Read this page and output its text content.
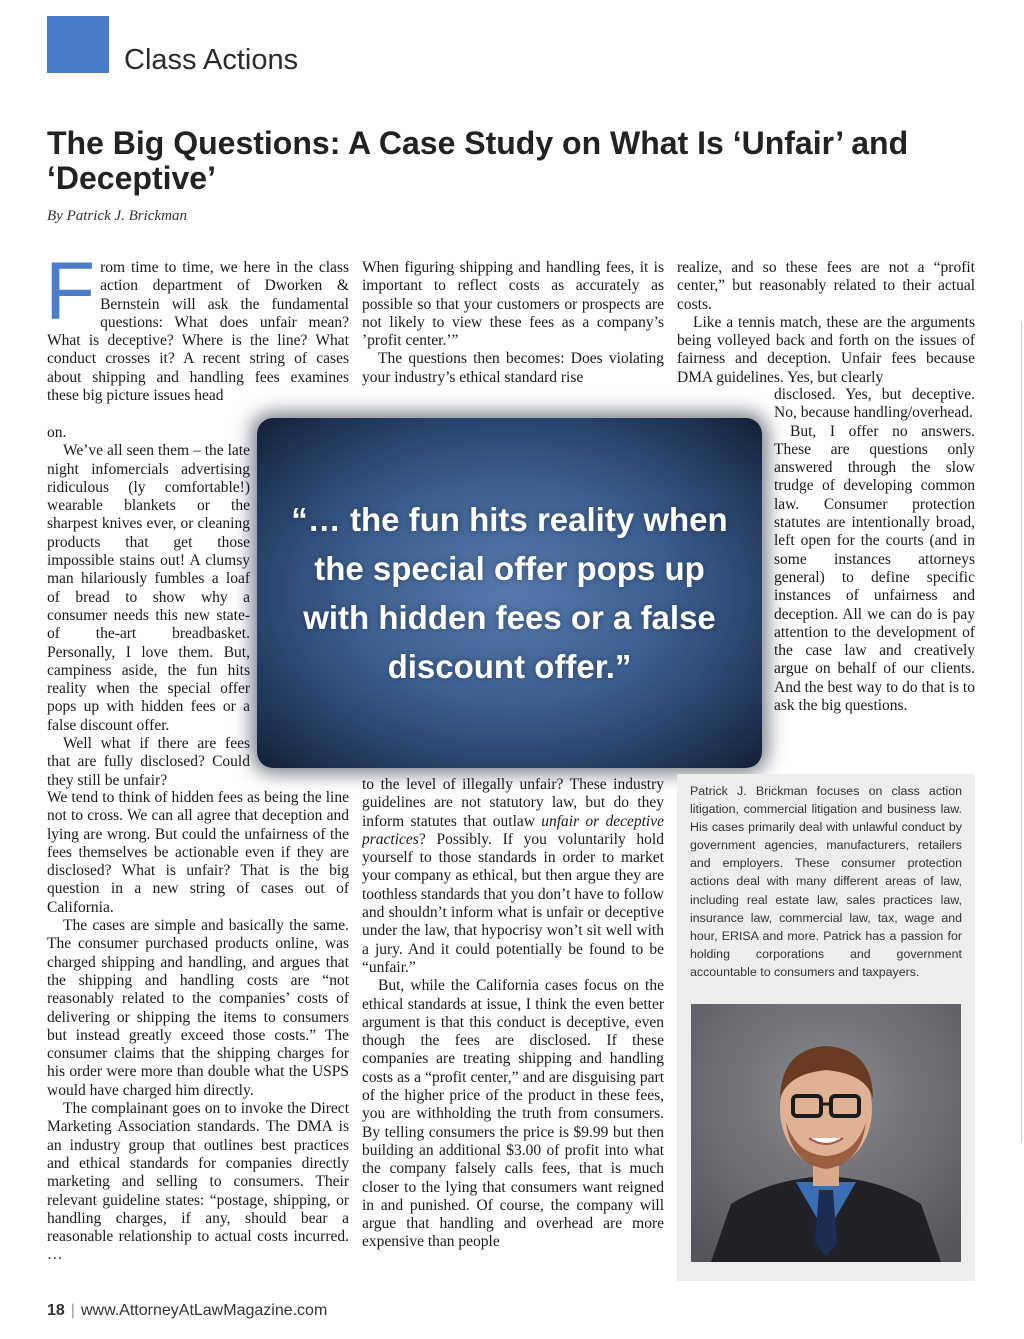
Class Actions
The Big Questions: A Case Study on What Is ‘Unfair’ and ‘Deceptive’
By Patrick J. Brickman
F rom time to time, we here in the class action department of Dworken & Bernstein will ask the fundamental questions: What does unfair mean? What is deceptive? Where is the line? What conduct crosses it? A recent string of cases about shipping and handling fees examines these big picture issues head

on.

We’ve all seen them – the late night infomercials advertising ridiculous (ly comfortable!) wearable blankets or the sharpest knives ever, or cleaning products that get those impossible stains out! A clumsy man hilariously fumbles a loaf of bread to show why a consumer needs this new state-of the-art breadbasket. Personally, I love them. But, campiness aside, the fun hits reality when the special offer pops up with hidden fees or a false discount offer.

Well what if there are fees that are fully disclosed? Could they still be unfair?

We tend to think of hidden fees as being the line not to cross. We can all agree that deception and lying are wrong. But could the unfairness of the fees themselves be actionable even if they are disclosed? What is unfair? That is the big question in a new string of cases out of California.

The cases are simple and basically the same. The consumer purchased products online, was charged shipping and handling, and argues that the shipping and handling costs are “not reasonably related to the companies’ costs of delivering or shipping the items to consumers but instead greatly exceed those costs.” The consumer claims that the shipping charges for his order were more than double what the USPS would have charged him directly.

The complainant goes on to invoke the Direct Marketing Association standards. The DMA is an industry group that outlines best practices and ethical standards for companies directly marketing and selling to consumers. Their relevant guideline states: “postage, shipping, or handling charges, if any, should bear a reasonable relationship to actual costs incurred. …

When figuring shipping and handling fees, it is important to reflect costs as accurately as possible so that your customers or prospects are not likely to view these fees as a company’s ’profit center.’”

The questions then becomes: Does violating your industry’s ethical standard rise

to the level of illegally unfair? These industry guidelines are not statutory law, but do they inform statutes that outlaw unfair or deceptive practices? Possibly. If you voluntarily hold yourself to those standards in order to market your company as ethical, but then argue they are toothless standards that you don’t have to follow and shouldn’t inform what is unfair or deceptive under the law, that hypocrisy won’t sit well with a jury. And it could potentially be found to be “unfair.”

But, while the California cases focus on the ethical standards at issue, I think the even better argument is that this conduct is deceptive, even though the fees are disclosed. If these companies are treating shipping and handling costs as a “profit center,” and are disguising part of the higher price of the product in these fees, you are withholding the truth from consumers. By telling consumers the price is $9.99 but then building an additional $3.00 of profit into what the company falsely calls fees, that is much closer to the lying that consumers want reigned in and punished. Of course, the company will argue that handling and overhead are more expensive than people

realize, and so these fees are not a “profit center,” but reasonably related to their actual costs.

Like a tennis match, these are the arguments being volleyed back and forth on the issues of fairness and deception. Unfair fees because DMA guidelines. Yes, but clearly

disclosed. Yes, but deceptive. No, because handling/overhead.

But, I offer no answers. These are questions only answered through the slow trudge of developing common law. Consumer protection statutes are intentionally broad, left open for the courts (and in some instances attorneys general) to define specific instances of unfairness and deception. All we can do is pay attention to the development of the case law and creatively argue on behalf of our clients. And the best way to do that is to ask the big questions.

“… the fun hits reality when the special offer pops up with hidden fees or a false discount offer.”

Patrick J. Brickman focuses on class action litigation, commercial litigation and business law. His cases primarily deal with unlawful conduct by government agencies, manufacturers, retailers and employers. These consumer protection actions deal with many different areas of law, including real estate law, sales practices law, insurance law, commercial law, tax, wage and hour, ERISA and more. Patrick has a passion for holding corporations and government accountable to consumers and taxpayers.

18 | www.AttorneyAtLawMagazine.com
